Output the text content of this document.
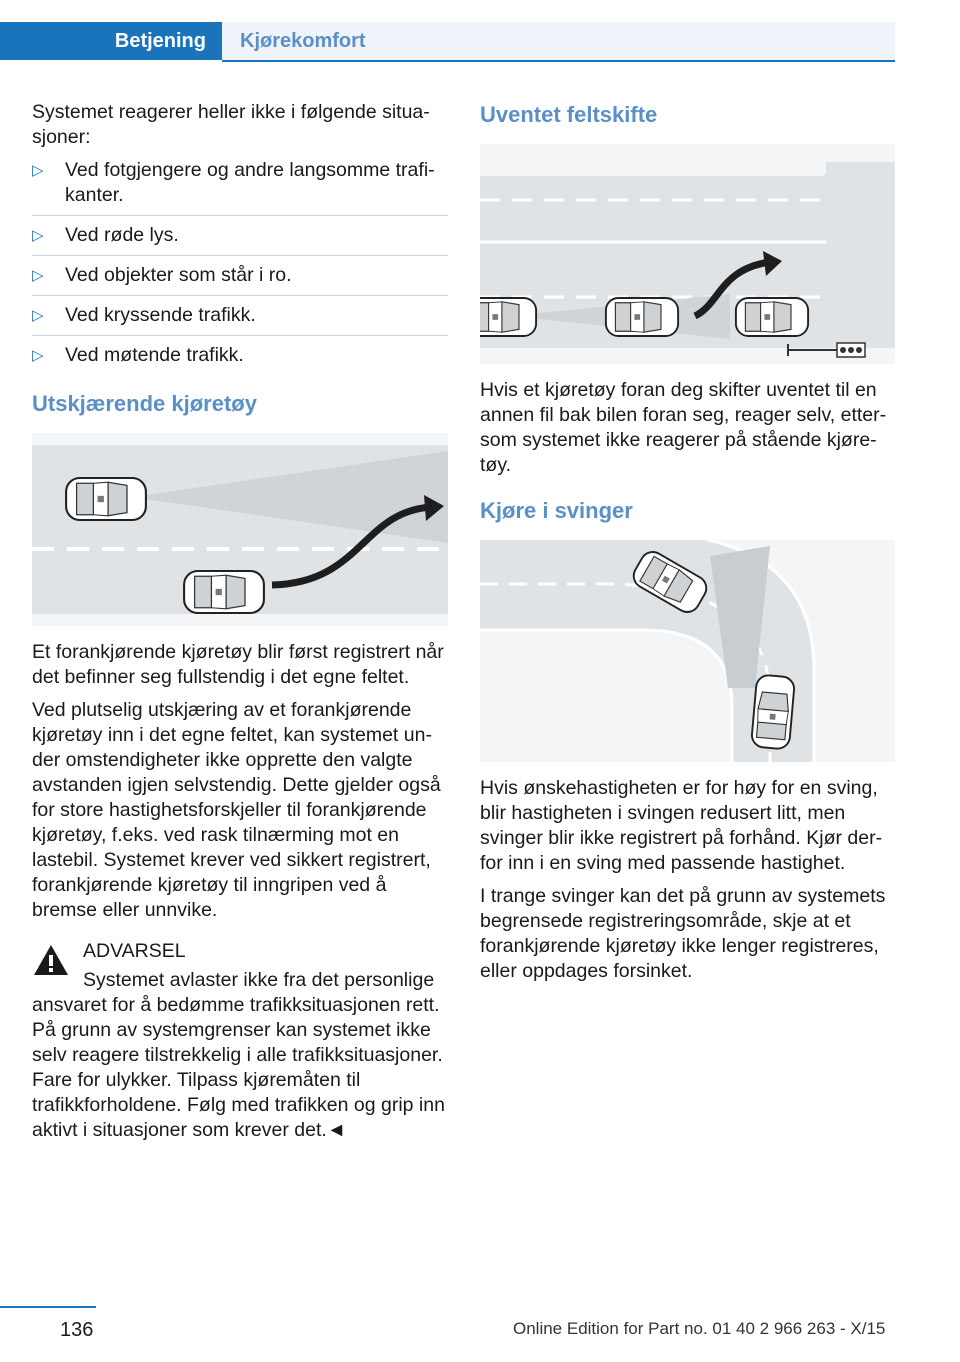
Betjening	Kjørekomfort

Systemet reagerer heller ikke i følgende situasjoner:

▷ Ved fotgjengere og andre langsomme trafikanter.
▷ Ved røde lys.
▷ Ved objekter som står i ro.
▷ Ved kryssende trafikk.
▷ Ved møtende trafikk.
Utskjærende kjøretøy

Et forankjørende kjøretøy blir først registrert når det befinner seg fullstendig i det egne feltet.

Ved plutselig utskjæring av et forankjørende kjøretøy inn i det egne feltet, kan systemet under omstendigheter ikke opprette den valgte avstanden igjen selvstendig. Dette gjelder også for store hastighetsforskjeller til forankjørende kjøretøy, f.eks. ved rask tilnærming mot en lastebil. Systemet krever ved sikkert registrert, forankjørende kjøretøy til inngripen ved å bremse eller unnvike.

ADVARSEL

Systemet avlaster ikke fra det personlige ansvaret for å bedømme trafikksituasjonen rett. På grunn av systemgrenser kan systemet ikke selv reagere tilstrekkelig i alle trafikksituasjoner. Fare for ulykker. Tilpass kjøremåten til trafikkforholdene. Følg med trafikken og grip inn aktivt i situasjoner som krever det.◄

Uventet feltskifte

Hvis et kjøretøy foran deg skifter uventet til en annen fil bak bilen foran seg, reager selv, ettersom systemet ikke reagerer på stående kjøretøy.

Kjøre i svinger

Hvis ønskehastigheten er for høy for en sving, blir hastigheten i svingen redusert litt, men svinger blir ikke registrert på forhånd. Kjør derfor inn i en sving med passende hastighet.

I trange svinger kan det på grunn av systemets begrensede registreringsområde, skje at et forankjørende kjøretøy ikke lenger registreres, eller oppdages forsinket.

136	Online Edition for Part no. 01 40 2 966 263 - X/15
